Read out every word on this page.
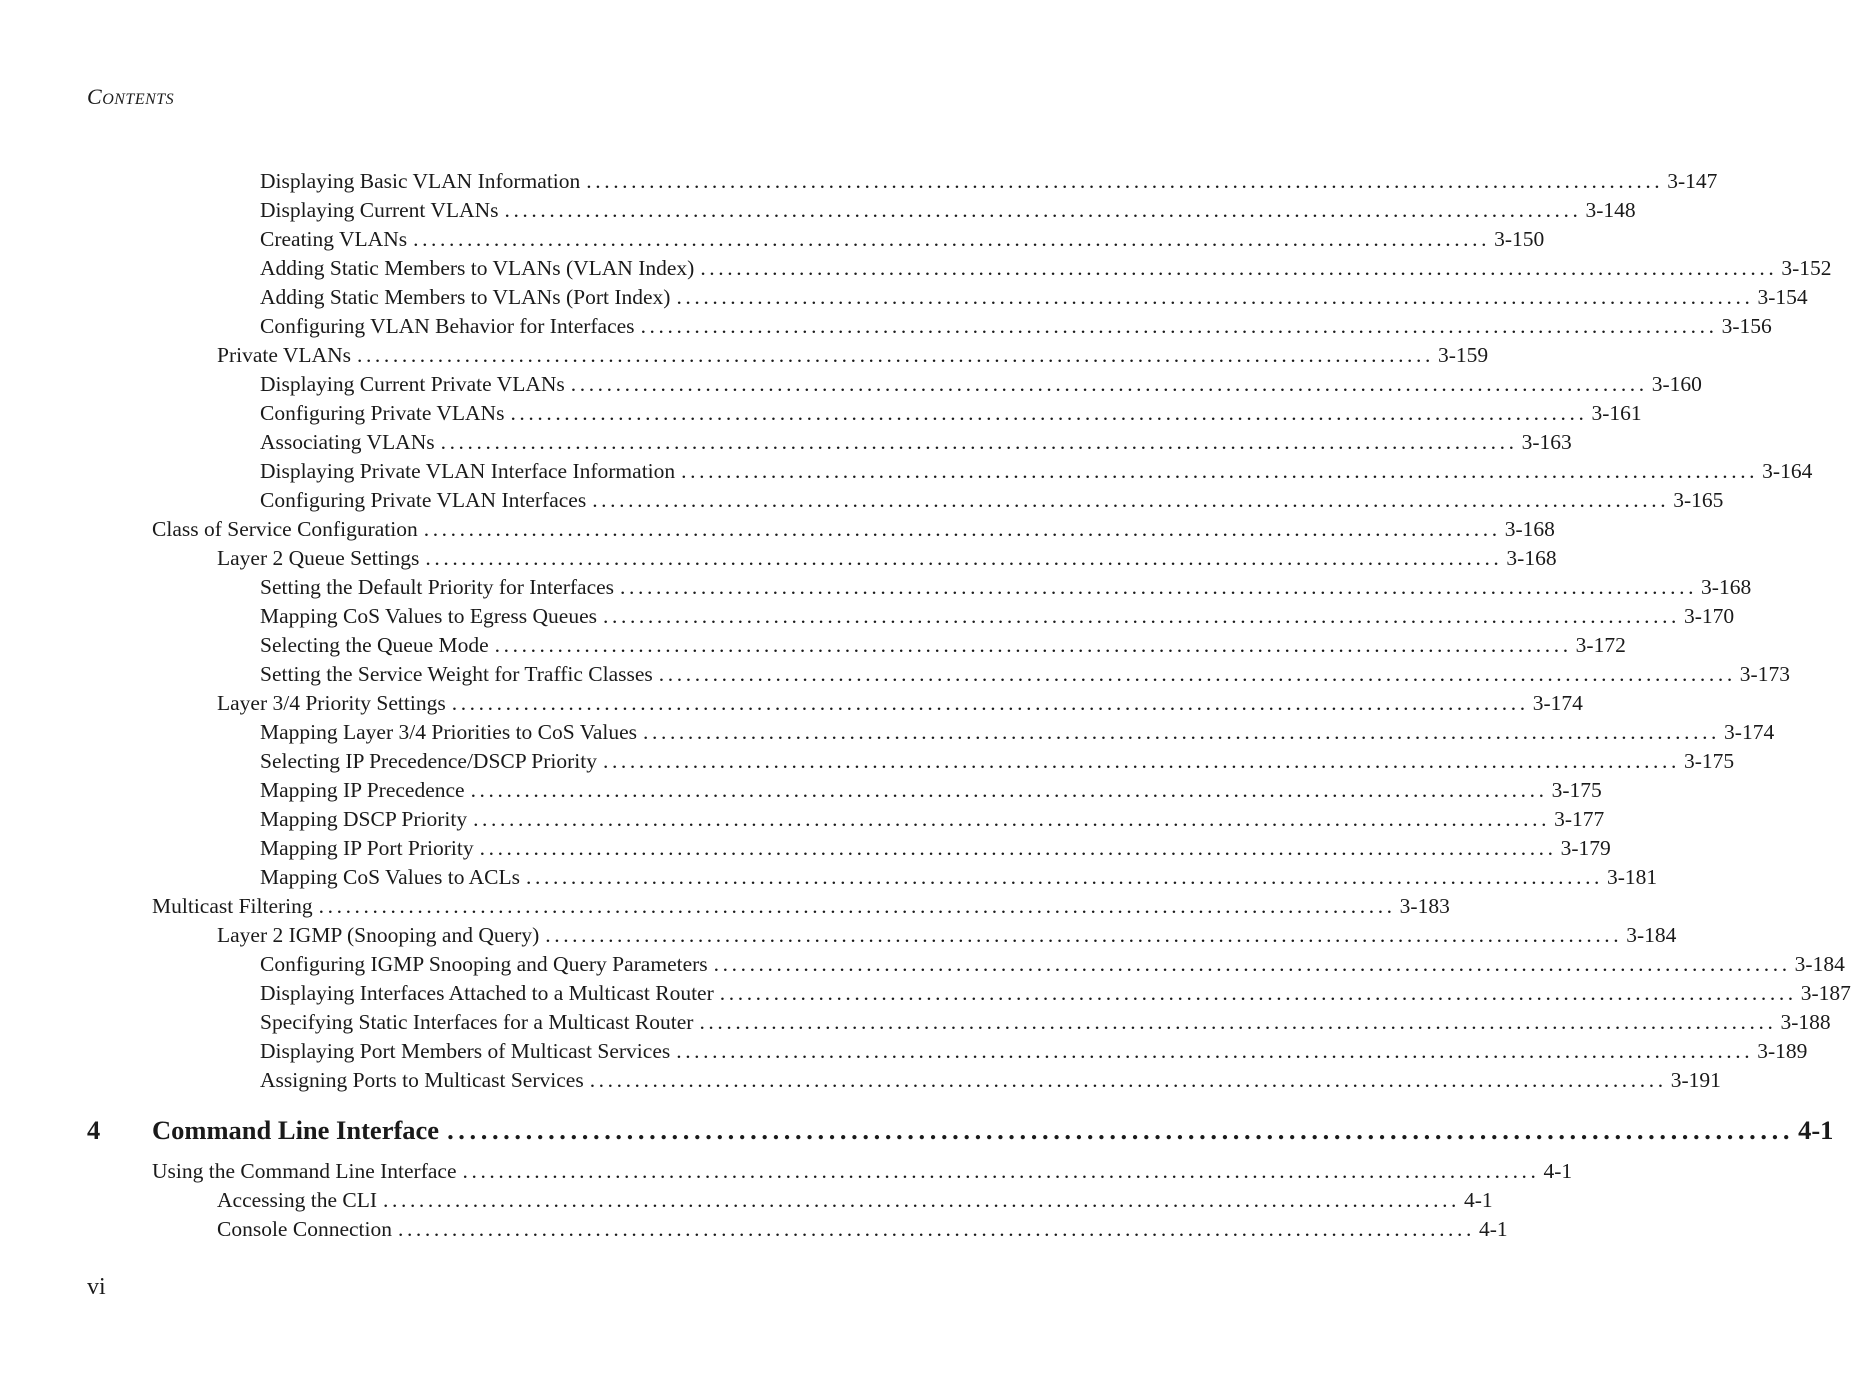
CONTENTS
Displaying Basic VLAN Information ........................................................................................................................ 3-147
Displaying Current VLANs ........................................................................................................................ 3-148
Creating VLANs ........................................................................................................................ 3-150
Adding Static Members to VLANs (VLAN Index) ........................................................................................................................ 3-152
Adding Static Members to VLANs (Port Index) ........................................................................................................................ 3-154
Configuring VLAN Behavior for Interfaces ........................................................................................................................ 3-156
Private VLANs ........................................................................................................................ 3-159
Displaying Current Private VLANs ........................................................................................................................ 3-160
Configuring Private VLANs ........................................................................................................................ 3-161
Associating VLANs ........................................................................................................................ 3-163
Displaying Private VLAN Interface Information ........................................................................................................................ 3-164
Configuring Private VLAN Interfaces ........................................................................................................................ 3-165
Class of Service Configuration ........................................................................................................................ 3-168
Layer 2 Queue Settings ........................................................................................................................ 3-168
Setting the Default Priority for Interfaces ........................................................................................................................ 3-168
Mapping CoS Values to Egress Queues ........................................................................................................................ 3-170
Selecting the Queue Mode ........................................................................................................................ 3-172
Setting the Service Weight for Traffic Classes ........................................................................................................................ 3-173
Layer 3/4 Priority Settings ........................................................................................................................ 3-174
Mapping Layer 3/4 Priorities to CoS Values ........................................................................................................................ 3-174
Selecting IP Precedence/DSCP Priority ........................................................................................................................ 3-175
Mapping IP Precedence ........................................................................................................................ 3-175
Mapping DSCP Priority ........................................................................................................................ 3-177
Mapping IP Port Priority ........................................................................................................................ 3-179
Mapping CoS Values to ACLs ........................................................................................................................ 3-181
Multicast Filtering ........................................................................................................................ 3-183
Layer 2 IGMP (Snooping and Query) ........................................................................................................................ 3-184
Configuring IGMP Snooping and Query Parameters ........................................................................................................................ 3-184
Displaying Interfaces Attached to a Multicast Router ........................................................................................................................ 3-187
Specifying Static Interfaces for a Multicast Router ........................................................................................................................ 3-188
Displaying Port Members of Multicast Services ........................................................................................................................ 3-189
Assigning Ports to Multicast Services ........................................................................................................................ 3-191
4 Command Line Interface ........................................................................................................................ 4-1
Using the Command Line Interface ........................................................................................................................ 4-1
Accessing the CLI ........................................................................................................................ 4-1
Console Connection ........................................................................................................................ 4-1
vi
